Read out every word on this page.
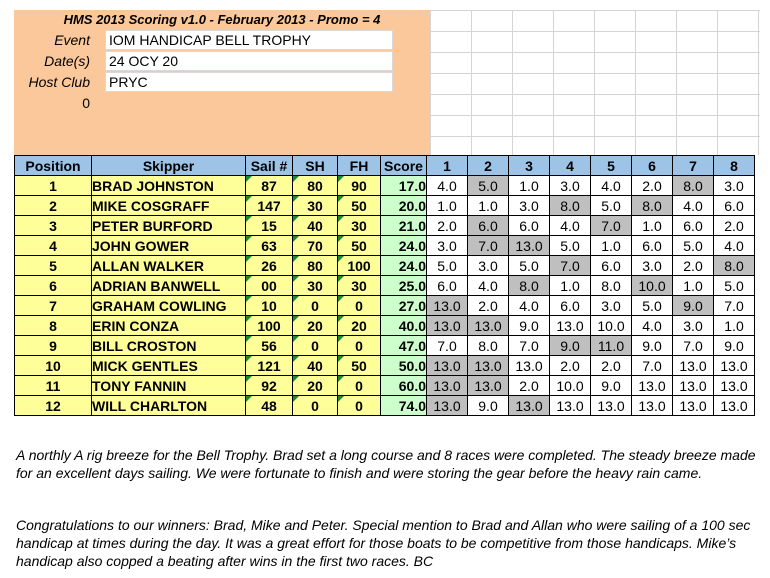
HMS 2013 Scoring v1.0 - February 2013 - Promo = 4
Event IOM HANDICAP BELL TROPHY
Date(s) 24 OCY 20
Host Club PRYC
0
Position	Skipper	Sail #	SH	FH	Score	1	2	3	4	5	6	7	8
1	BRAD JOHNSTON	87	80	90	17.0	4.0	5.0	1.0	3.0	4.0	2.0	8.0	3.0
2	MIKE COSGRAFF	147	30	50	20.0	1.0	1.0	3.0	8.0	5.0	8.0	4.0	6.0
3	PETER BURFORD	15	40	30	21.0	2.0	6.0	6.0	4.0	7.0	1.0	6.0	2.0
4	JOHN GOWER	63	70	50	24.0	3.0	7.0	13.0	5.0	1.0	6.0	5.0	4.0
5	ALLAN WALKER	26	80	100	24.0	5.0	3.0	5.0	7.0	6.0	3.0	2.0	8.0
6	ADRIAN BANWELL	00	30	30	25.0	6.0	4.0	8.0	1.0	8.0	10.0	1.0	5.0
7	GRAHAM COWLING	10	0	0	27.0	13.0	2.0	4.0	6.0	3.0	5.0	9.0	7.0
8	ERIN CONZA	100	20	20	40.0	13.0	13.0	9.0	13.0	10.0	4.0	3.0	1.0
9	BILL CROSTON	56	0	0	47.0	7.0	8.0	7.0	9.0	11.0	9.0	7.0	9.0
10	MICK GENTLES	121	40	50	50.0	13.0	13.0	13.0	2.0	2.0	7.0	13.0	13.0
11	TONY FANNIN	92	20	0	60.0	13.0	13.0	2.0	10.0	9.0	13.0	13.0	13.0
12	WILL CHARLTON	48	0	0	74.0	13.0	9.0	13.0	13.0	13.0	13.0	13.0	13.0

A northly A rig breeze for the Bell Trophy. Brad set a long course and 8 races were completed. The steady breeze made for an excellent days sailing. We were fortunate to finish and were storing the gear before the heavy rain came.

Congratulations to our winners: Brad, Mike and Peter. Special mention to Brad and Allan who were sailing of a 100 sec handicap at times during the day. It was a great effort for those boats to be competitive from those handicaps. Mike’s handicap also copped a beating after wins in the first two races. BC
